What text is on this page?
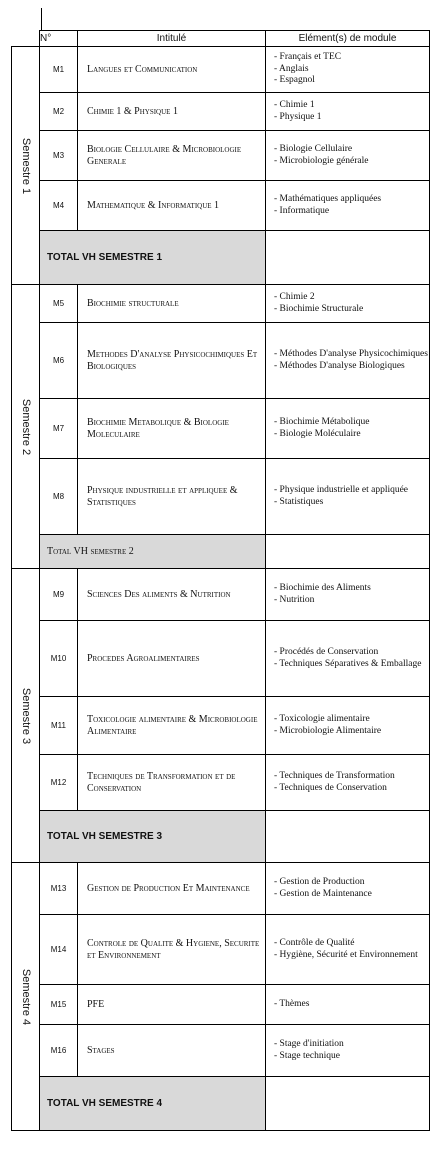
	N°	Intitulé	Elément(s) de module

Semestre 1	M1	Langues et Communication	- Français et TEC
- Anglais
- Espagnol

	M2	Chimie 1 & Physique 1	- Chimie 1
- Physique 1

	M3	Biologie Cellulaire & Microbiologie Generale	- Biologie Cellulaire
- Microbiologie générale

	M4	Mathematique & Informatique 1	- Mathématiques appliquées
- Informatique

	TOTAL VH SEMESTRE 1		

Semestre 2	M5	Biochimie structurale	- Chimie 2
- Biochimie Structurale

	M6	Methodes D'analyse Physicochimiques Et Biologiques	- Méthodes D'analyse Physicochimiques
- Méthodes D'analyse Biologiques

	M7	Biochimie Metabolique & Biologie Moleculaire	- Biochimie Métabolique
- Biologie Moléculaire

	M8	Physique industrielle et appliquee & Statistiques	- Physique industrielle et appliquée
- Statistiques

	Total VH semestre 2		

Semestre 3	M9	Sciences Des aliments & Nutrition	- Biochimie des Aliments
- Nutrition

	M10	Procedes Agroalimentaires	- Procédés de Conservation
- Techniques Séparatives & Emballage

	M11	Toxicologie alimentaire & Microbiologie Alimentaire	- Toxicologie alimentaire
- Microbiologie Alimentaire

	M12	Techniques de Transformation et de Conservation	- Techniques de Transformation
- Techniques de Conservation

	TOTAL VH SEMESTRE 3		

Semestre 4	M13	Gestion de Production Et Maintenance	- Gestion de Production
- Gestion de Maintenance

	M14	Controle de Qualite & Hygiene, Securite et Environnement	- Contrôle de Qualité
- Hygiène, Sécurité et Environnement

	M15	PFE	- Thèmes

	M16	Stages	- Stage d'initiation
- Stage technique

	TOTAL VH SEMESTRE 4		
